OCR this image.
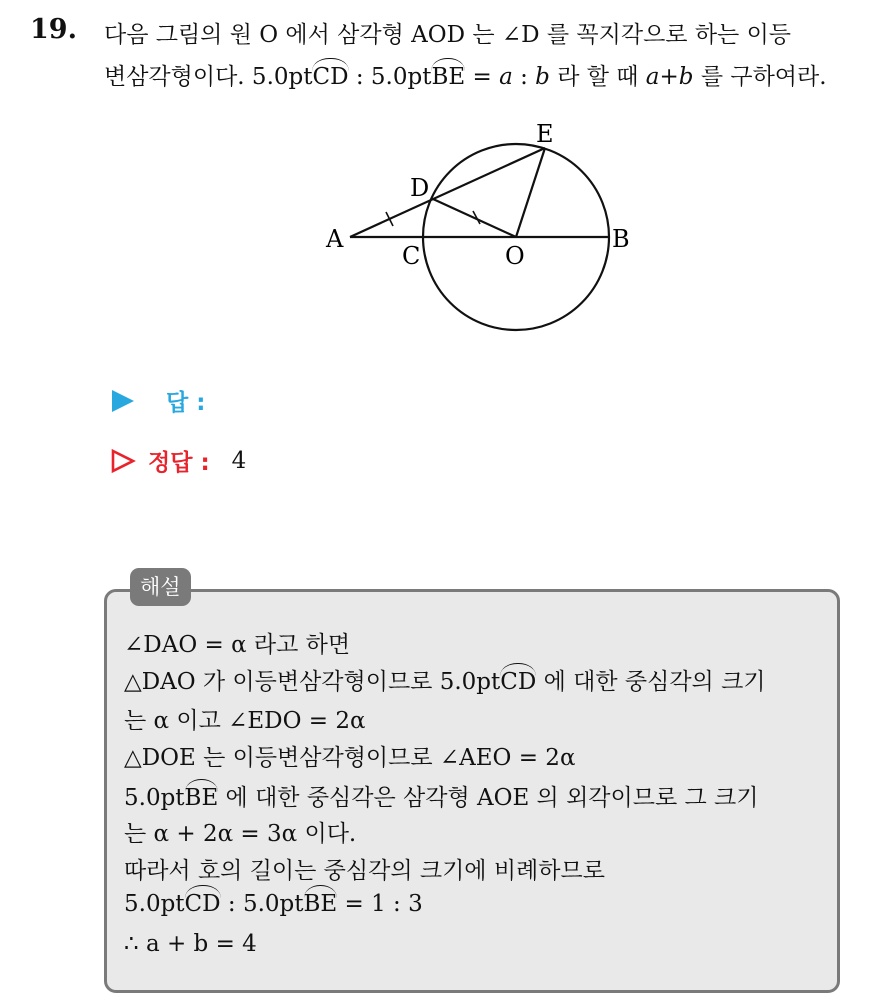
19. 다음 그림의 원 O 에서 삼각형 AOD 는 ∠D 를 꼭지각으로 하는 이등
변삼각형이다. 5.0ptCD : 5.0ptBE = a : b 라 할 때 a+b 를 구하여라.
A	B
C
D
E
O
답 :
정답 : 4
해설
∠DAO = α 라고 하면
△DAO 가 이등변삼각형이므로 5.0ptCD 에 대한 중심각의 크기
는 α 이고 ∠EDO = 2α
△DOE 는 이등변삼각형이므로 ∠AEO = 2α
5.0ptBE 에 대한 중심각은 삼각형 AOE 의 외각이므로 그 크기
는 α + 2α = 3α 이다.
따라서 호의 길이는 중심각의 크기에 비례하므로
5.0ptCD : 5.0ptBE = 1 : 3
∴ a + b = 4
